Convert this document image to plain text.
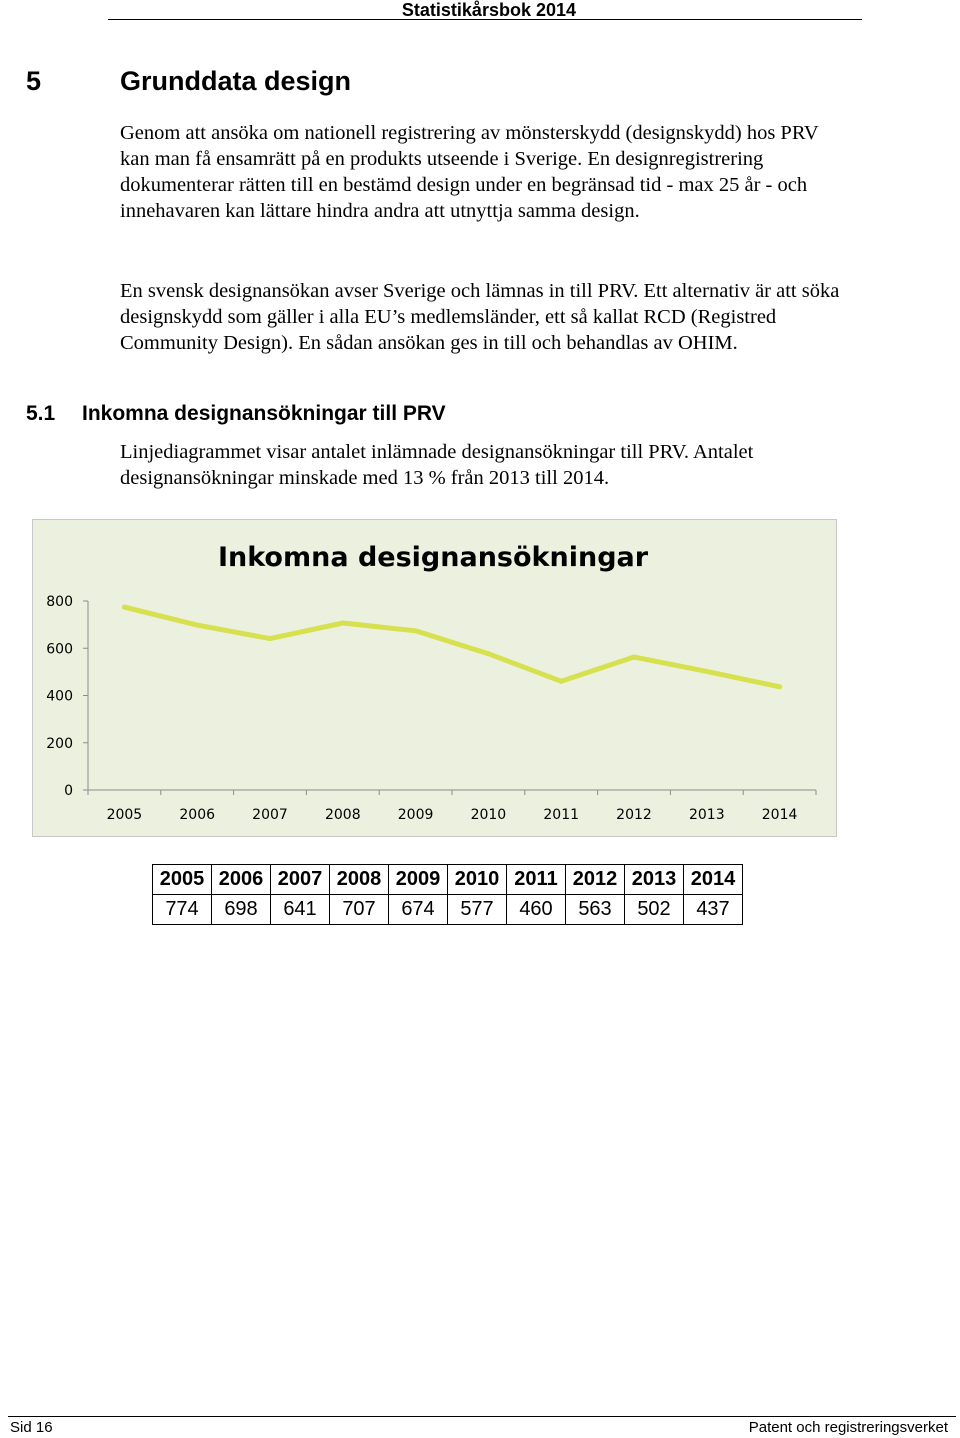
Statistikårsbok 2014
5	Grunddata design
Genom att ansöka om nationell registrering av mönsterskydd (designskydd) hos PRV kan man få ensamrätt på en produkts utseende i Sverige. En designregistrering dokumenterar rätten till en bestämd design under en begränsad tid - max 25 år - och innehavaren kan lättare hindra andra att utnyttja samma design.
En svensk designansökan avser Sverige och lämnas in till PRV. Ett alternativ är att söka designskydd som gäller i alla EU’s medlemsländer, ett så kallat RCD (Registred Community Design). En sådan ansökan ges in till och behandlas av OHIM.
5.1 Inkomna designansökningar till PRV
Linjediagrammet visar antalet inlämnade designansökningar till PRV. Antalet designansökningar minskade med 13 % från 2013 till 2014.
Inkomna designansökningar
0
200
400
600
800
2005	2006	2007	2008	2009	2010	2011	2012	2013	2014
2005	2006	2007	2008	2009	2010	2011	2012	2013	2014
774	698	641	707	674	577	460	563	502	437
Sid 16	Patent och registreringsverket
